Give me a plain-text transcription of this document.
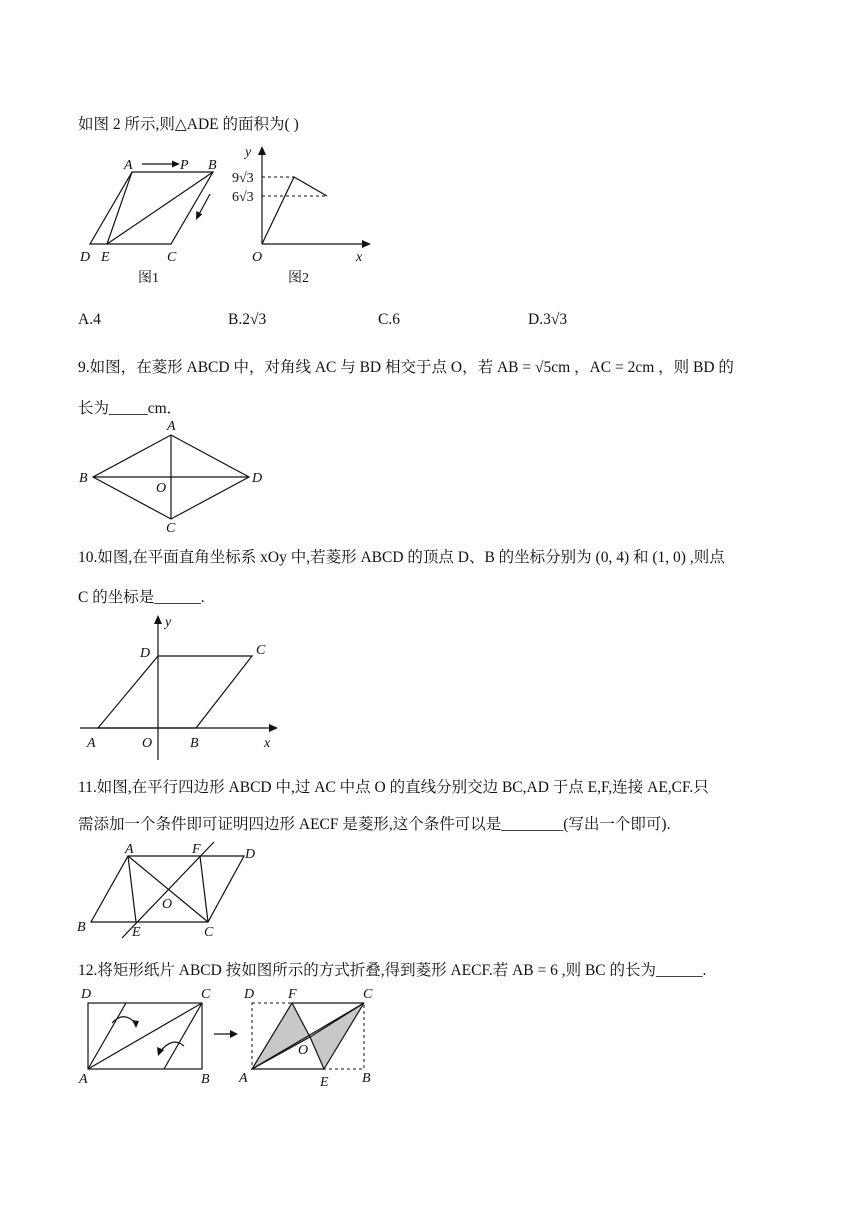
如图 2 所示,则△ADE 的面积为( )
A	P B
D E	C
图1
y
x
O
9√3
6√3
图2
A.4	B.2√3	C.6	D.3√3
9.如图，在菱形 ABCD 中，对角线 AC 与 BD 相交于点 O，若 AB = √5cm ，AC = 2cm ，则 BD 的
长为_____cm．
A
B	D
O
C
10.如图,在平面直角坐标系 xOy 中,若菱形 ABCD 的顶点 D、B 的坐标分别为 (0, 4) 和 (1, 0) ,则点
C 的坐标是______.
y
x
D	C
A	O	B
11.如图,在平行四边形 ABCD 中,过 AC 中点 O 的直线分别交边 BC,AD 于点 E,F,连接 AE,CF.只
需添加一个条件即可证明四边形 AECF 是菱形,这个条件可以是________(写出一个即可).
A	F	D
O
B	E	C
12.将矩形纸片 ABCD 按如图所示的方式折叠,得到菱形 AECF.若 AB = 6 ,则 BC 的长为______.
D	C
A	B
D F	C
O
A	E B
